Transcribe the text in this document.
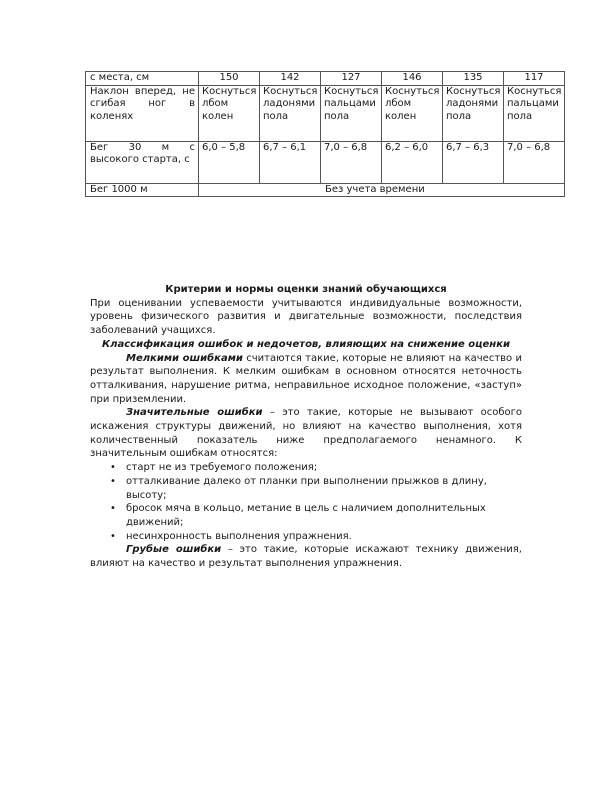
с места, см	150	142	127	146	135	117
Наклон вперед, не сгибая ног в коленях	Коснуться лбом колен	Коснуться ладонями пола	Коснуться пальцами пола	Коснуться лбом колен	Коснуться ладонями пола	Коснуться пальцами пола
Бег 30 м с высокого старта, с	6,0 – 5,8	6,7 – 6,1	7,0 – 6,8	6,2 – 6,0	6,7 – 6,3	7,0 – 6,8
Бег 1000 м	Без учета времени					

Критерии и нормы оценки знаний обучающихся

При оценивании успеваемости учитываются индивидуальные возможности, уровень физического развития и двигательные возможности, последствия заболеваний учащихся.

Классификация ошибок и недочетов, влияющих на снижение оценки

Мелкими ошибками считаются такие, которые не влияют на качество и результат выполнения. К мелким ошибкам в основном относятся неточность отталкивания, нарушение ритма, неправильное исходное положение, «заступ» при приземлении.

Значительные ошибки – это такие, которые не вызывают особого искажения структуры движений, но влияют на качество выполнения, хотя количественный показатель ниже предполагаемого ненамного. К значительным ошибкам относятся:

• старт не из требуемого положения;
• отталкивание далеко от планки при выполнении прыжков в длину, высоту;
• бросок мяча в кольцо, метание в цель с наличием дополнительных движений;
• несинхронность выполнения упражнения.

Грубые ошибки – это такие, которые искажают технику движения, влияют на качество и результат выполнения упражнения.
